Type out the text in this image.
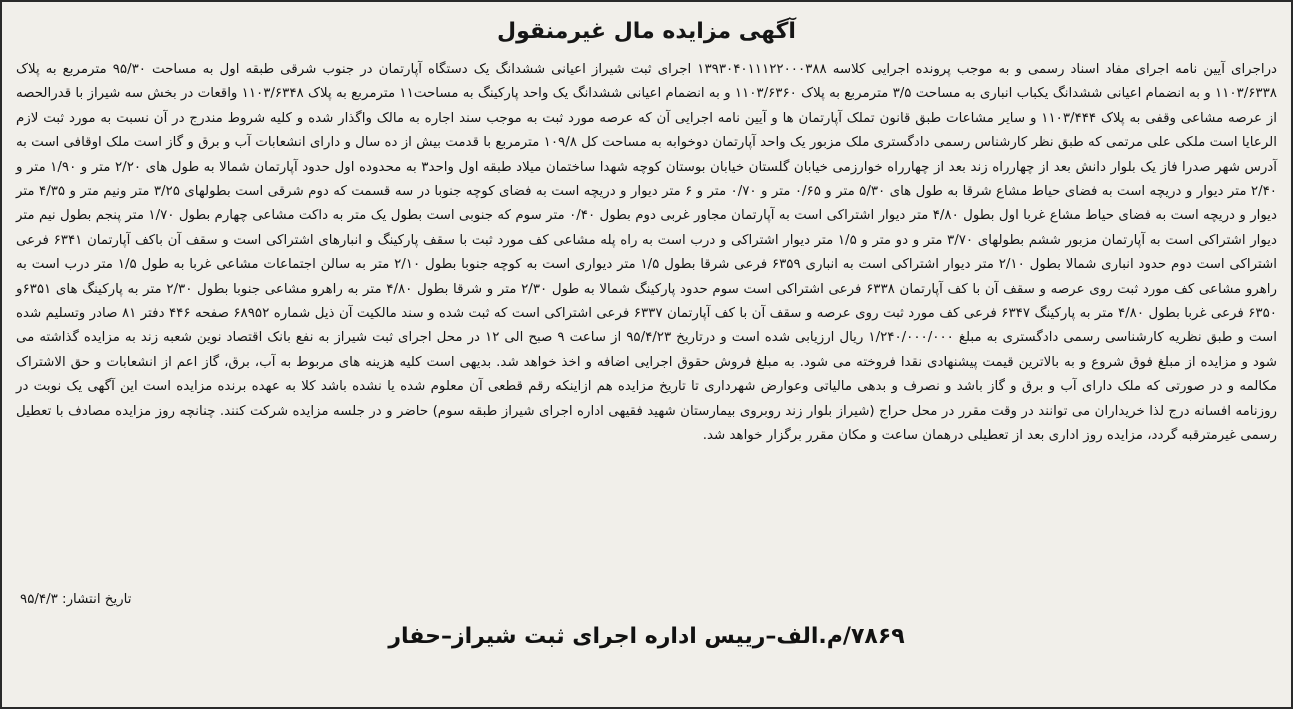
آگهی مزایده مال غیرمنقول

دراجرای آیین نامه اجرای مفاد اسناد رسمی و به موجب پرونده اجرایی کلاسه ۱۳۹۳۰۴۰۱۱۱۲۲۰۰۰۳۸۸ اجرای ثبت شیراز اعیانی ششدانگ یک دستگاه آپارتمان در جنوب شرقی طبقه اول به مساحت ۹۵/۳۰ مترمربع به پلاک ۱۱۰۳/۶۳۳۸ و به انضمام اعیانی ششدانگ یکباب انباری به مساحت ۳/۵ مترمربع به پلاک ۱۱۰۳/۶۳۶۰ و به انضمام اعیانی ششدانگ یک واحد پارکینگ به مساحت۱۱ مترمربع به پلاک ۱۱۰۳/۶۳۴۸ واقعات در بخش سه شیراز با قدرالحصه از عرصه مشاعی وقفی به پلاک ۱۱۰۳/۴۴۴ و سایر مشاعات طبق قانون تملک آپارتمان ها و آیین نامه اجرایی آن که عرصه مورد ثبت به موجب سند اجاره به مالک واگذار شده و کلیه شروط مندرج در آن نسبت به مورد ثبت لازم الرعایا است ملکی علی مرتمی که طبق نظر کارشناس رسمی دادگستری ملک مزبور یک واحد آپارتمان دوخوابه به مساحت کل ۱۰۹/۸ مترمربع با قدمت بیش از ده سال و دارای انشعابات آب و برق و گاز است ملک اوقافی است به آدرس شهر صدرا فاز یک بلوار دانش بعد از چهارراه زند بعد از چهارراه خوارزمی خیابان گلستان خیابان بوستان کوچه شهدا ساختمان میلاد طبقه اول واحد۳ به محدوده اول حدود آپارتمان شمالا به طول های ۲/۲۰ متر و ۱/۹۰ متر و ۲/۴۰ متر دیوار و دریچه است به فضای حیاط مشاع شرقا به طول های ۵/۳۰ متر و ۰/۶۵ متر و ۰/۷۰ متر و ۶ متر دیوار و دریچه است به فضای کوچه جنوبا در سه قسمت که دوم شرقی است بطولهای ۳/۲۵ متر ونیم متر و ۴/۳۵ متر دیوار و دریچه است به فضای حیاط مشاع غربا اول بطول ۴/۸۰ متر دیوار اشتراکی است به آپارتمان مجاور غربی دوم بطول ۰/۴۰ متر سوم که جنوبی است بطول یک متر به داکت مشاعی چهارم بطول ۱/۷۰ متر پنجم بطول نیم متر دیوار اشتراکی است به آپارتمان مزبور ششم بطولهای ۳/۷۰ متر و دو متر و ۱/۵ متر دیوار اشتراکی و درب است به راه پله مشاعی کف مورد ثبت با سقف پارکینگ و انبارهای اشتراکی است و سقف آن باکف آپارتمان ۶۳۴۱ فرعی اشتراکی است دوم حدود انباری شمالا بطول ۲/۱۰ متر دیوار اشتراکی است به انباری ۶۳۵۹ فرعی شرقا بطول ۱/۵ متر دیواری است به کوچه جنوبا بطول ۲/۱۰ متر به سالن اجتماعات مشاعی غربا به طول ۱/۵ متر درب است به راهرو مشاعی کف مورد ثبت روی عرصه و سقف آن با کف آپارتمان ۶۳۳۸ فرعی اشتراکی است سوم حدود پارکینگ شمالا به طول ۲/۳۰ متر و شرقا بطول ۴/۸۰ متر به راهرو مشاعی جنوبا بطول ۲/۳۰ متر به پارکینگ های ۶۳۵۱و ۶۳۵۰ فرعی غربا بطول ۴/۸۰ متر به پارکینگ ۶۳۴۷ فرعی کف مورد ثبت روی عرصه و سقف آن با کف آپارتمان ۶۳۳۷ فرعی اشتراکی است که ثبت شده و سند مالکیت آن ذیل شماره ۶۸۹۵۲ صفحه ۴۴۶ دفتر ۸۱ صادر وتسلیم شده است و طبق نظریه کارشناسی رسمی دادگستری به مبلغ ۱/۲۴۰/۰۰۰/۰۰۰ ریال ارزیابی شده است و درتاریخ ۹۵/۴/۲۳ از ساعت ۹ صبح الی ۱۲ در محل اجرای ثبت شیراز به نفع بانک اقتصاد نوین شعبه زند به مزایده گذاشته می شود و مزایده از مبلغ فوق شروع و به بالاترین قیمت پیشنهادی نقدا فروخته می شود. به مبلغ فروش حقوق اجرایی اضافه و اخذ خواهد شد. بدیهی است کلیه هزینه های مربوط به آب، برق، گاز اعم از انشعابات و حق الاشتراک مکالمه و در صورتی که ملک دارای آب و برق و گاز باشد و نصرف و بدهی مالیاتی وعوارض شهرداری تا تاریخ مزایده هم ازاینکه رقم قطعی آن معلوم شده یا نشده باشد کلا به عهده برنده مزایده است این آگهی یک نوبت در روزنامه افسانه درج لذا خریداران می توانند در وقت مقرر در محل حراج (شیراز بلوار زند روبروی بیمارستان شهید فقیهی اداره اجرای شیراز طبقه سوم) حاضر و در جلسه مزایده شرکت کنند. چنانچه روز مزایده مصادف با تعطیل رسمی غیرمترقبه گردد، مزایده روز اداری بعد از تعطیلی درهمان ساعت و مکان مقرر برگزار خواهد شد.

تاریخ انتشار: ۹۵/۴/۳
۷۸۶۹/م.الف–رییس اداره اجرای ثبت شیراز–حفار
